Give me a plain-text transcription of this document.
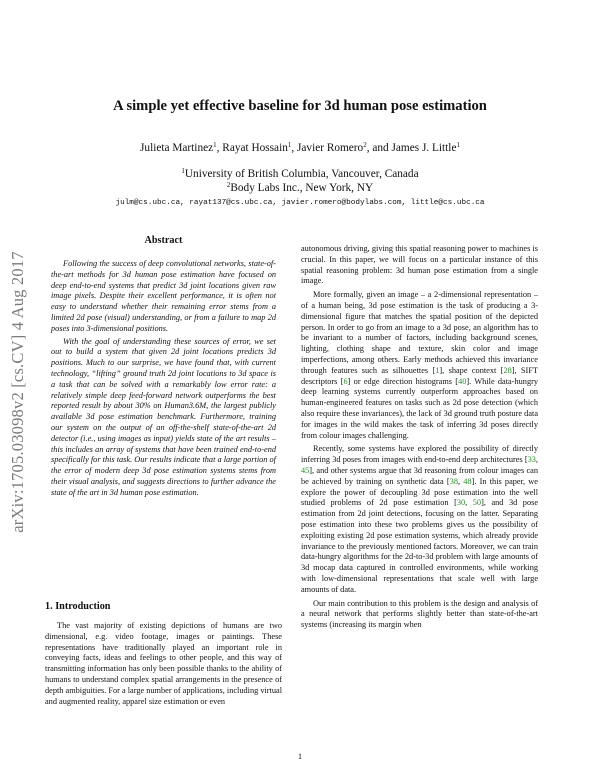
arXiv:1705.03098v2 [cs.CV] 4 Aug 2017
A simple yet effective baseline for 3d human pose estimation
Julieta Martinez$^1$, Rayat Hossain$^1$, Javier Romero$^2$, and James J. Little$^1$
$^1$University of British Columbia, Vancouver, Canada
$^2$Body Labs Inc., New York, NY
julm@cs.ubc.ca, rayat137@cs.ubc.ca, javier.romero@bodylabs.com, little@cs.ubc.ca
Abstract

Following the success of deep convolutional networks, state-of-the-art methods for 3d human pose estimation have focused on deep end-to-end systems that predict 3d joint locations given raw image pixels. Despite their excellent performance, it is often not easy to understand whether their remaining error stems from a limited 2d pose (visual) understanding, or from a failure to map 2d poses into 3-dimensional positions.

With the goal of understanding these sources of error, we set out to build a system that given 2d joint locations predicts 3d positions. Much to our surprise, we have found that, with current technology, “lifting” ground truth 2d joint locations to 3d space is a task that can be solved with a remarkably low error rate: a relatively simple deep feed-forward network outperforms the best reported result by about 30% on Human3.6M, the largest publicly available 3d pose estimation benchmark. Furthermore, training our system on the output of an off-the-shelf state-of-the-art 2d detector (i.e., using images as input) yields state of the art results – this includes an array of systems that have been trained end-to-end specifically for this task. Our results indicate that a large portion of the error of modern deep 3d pose estimation systems stems from their visual analysis, and suggests directions to further advance the state of the art in 3d human pose estimation.

1. Introduction

The vast majority of existing depictions of humans are two dimensional, e.g. video footage, images or paintings. These representations have traditionally played an important role in conveying facts, ideas and feelings to other people, and this way of transmitting information has only been possible thanks to the ability of humans to understand complex spatial arrangements in the presence of depth ambiguities. For a large number of applications, including virtual and augmented reality, apparel size estimation or even

autonomous driving, giving this spatial reasoning power to machines is crucial. In this paper, we will focus on a particular instance of this spatial reasoning problem: 3d human pose estimation from a single image.

More formally, given an image – a 2-dimensional representation – of a human being, 3d pose estimation is the task of producing a 3-dimensional figure that matches the spatial position of the depicted person. In order to go from an image to a 3d pose, an algorithm has to be invariant to a number of factors, including background scenes, lighting, clothing shape and texture, skin color and image imperfections, among others. Early methods achieved this invariance through features such as silhouettes [1], shape context [28], SIFT descriptors [6] or edge direction histograms [40]. While data-hungry deep learning systems currently outperform approaches based on human-engineered features on tasks such as 2d pose detection (which also require these invariances), the lack of 3d ground truth posture data for images in the wild makes the task of inferring 3d poses directly from colour images challenging.

Recently, some systems have explored the possibility of directly inferring 3d poses from images with end-to-end deep architectures [33, 45], and other systems argue that 3d reasoning from colour images can be achieved by training on synthetic data [38, 48]. In this paper, we explore the power of decoupling 3d pose estimation into the well studied problems of 2d pose estimation [30, 50], and 3d pose estimation from 2d joint detections, focusing on the latter. Separating pose estimation into these two problems gives us the possibility of exploiting existing 2d pose estimation systems, which already provide invariance to the previously mentioned factors. Moreover, we can train data-hungry algorithms for the 2d-to-3d problem with large amounts of 3d mocap data captured in controlled environments, while working with low-dimensional representations that scale well with large amounts of data.

Our main contribution to this problem is the design and analysis of a neural network that performs slightly better than state-of-the-art systems (increasing its margin when

1
